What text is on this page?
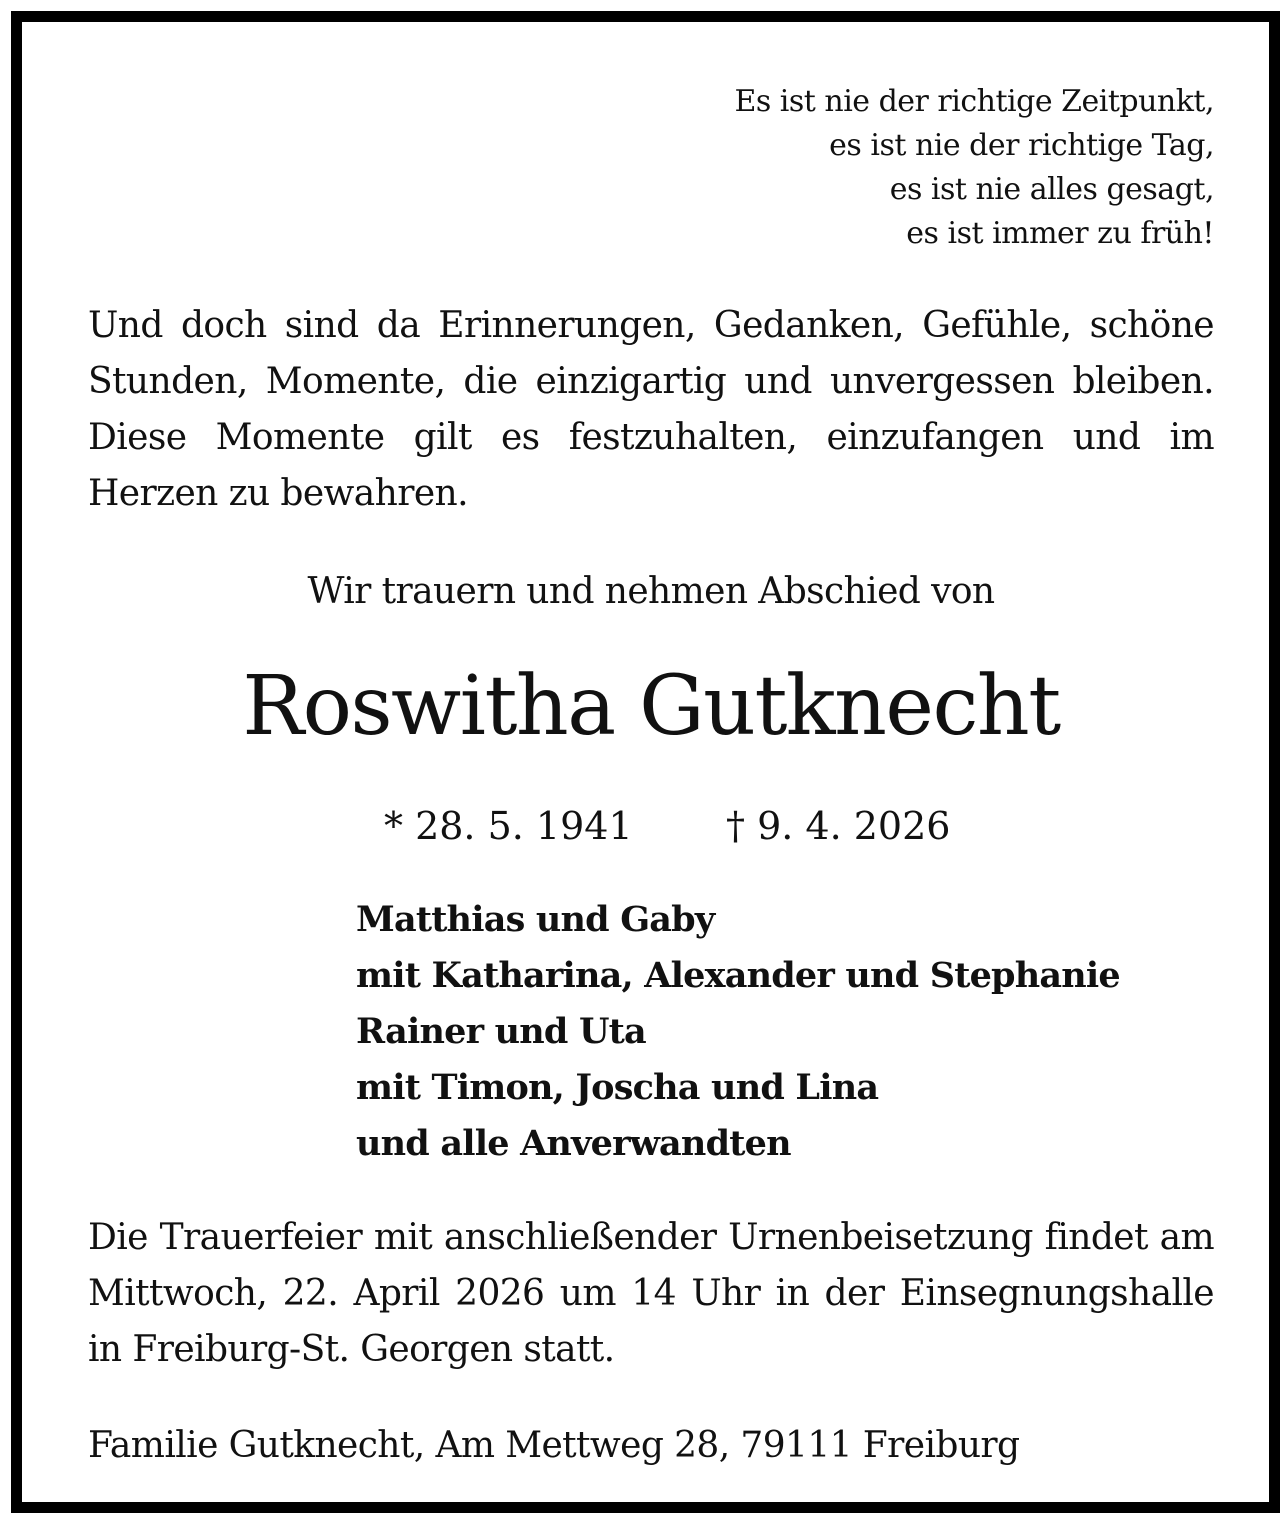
Es ist nie der richtige Zeitpunkt,
es ist nie der richtige Tag,
es ist nie alles gesagt,
es ist immer zu früh!

Und doch sind da Erinnerungen, Gedanken, Gefühle, schöne Stunden, Momente, die einzigartig und unvergessen bleiben. Diese Momente gilt es festzuhalten, einzufangen und im Herzen zu bewahren.

Wir trauern und nehmen Abschied von
Roswitha Gutknecht
* 28. 5. 1941 † 9. 4. 2026
Matthias und Gaby
mit Katharina, Alexander und Stephanie
Rainer und Uta
mit Timon, Joscha und Lina
und alle Anverwandten

Die Trauerfeier mit anschließender Urnenbeisetzung findet am Mittwoch, 22. April 2026 um 14 Uhr in der Einsegnungshalle in Freiburg-St. Georgen statt.

Familie Gutknecht, Am Mettweg 28, 79111 Freiburg
